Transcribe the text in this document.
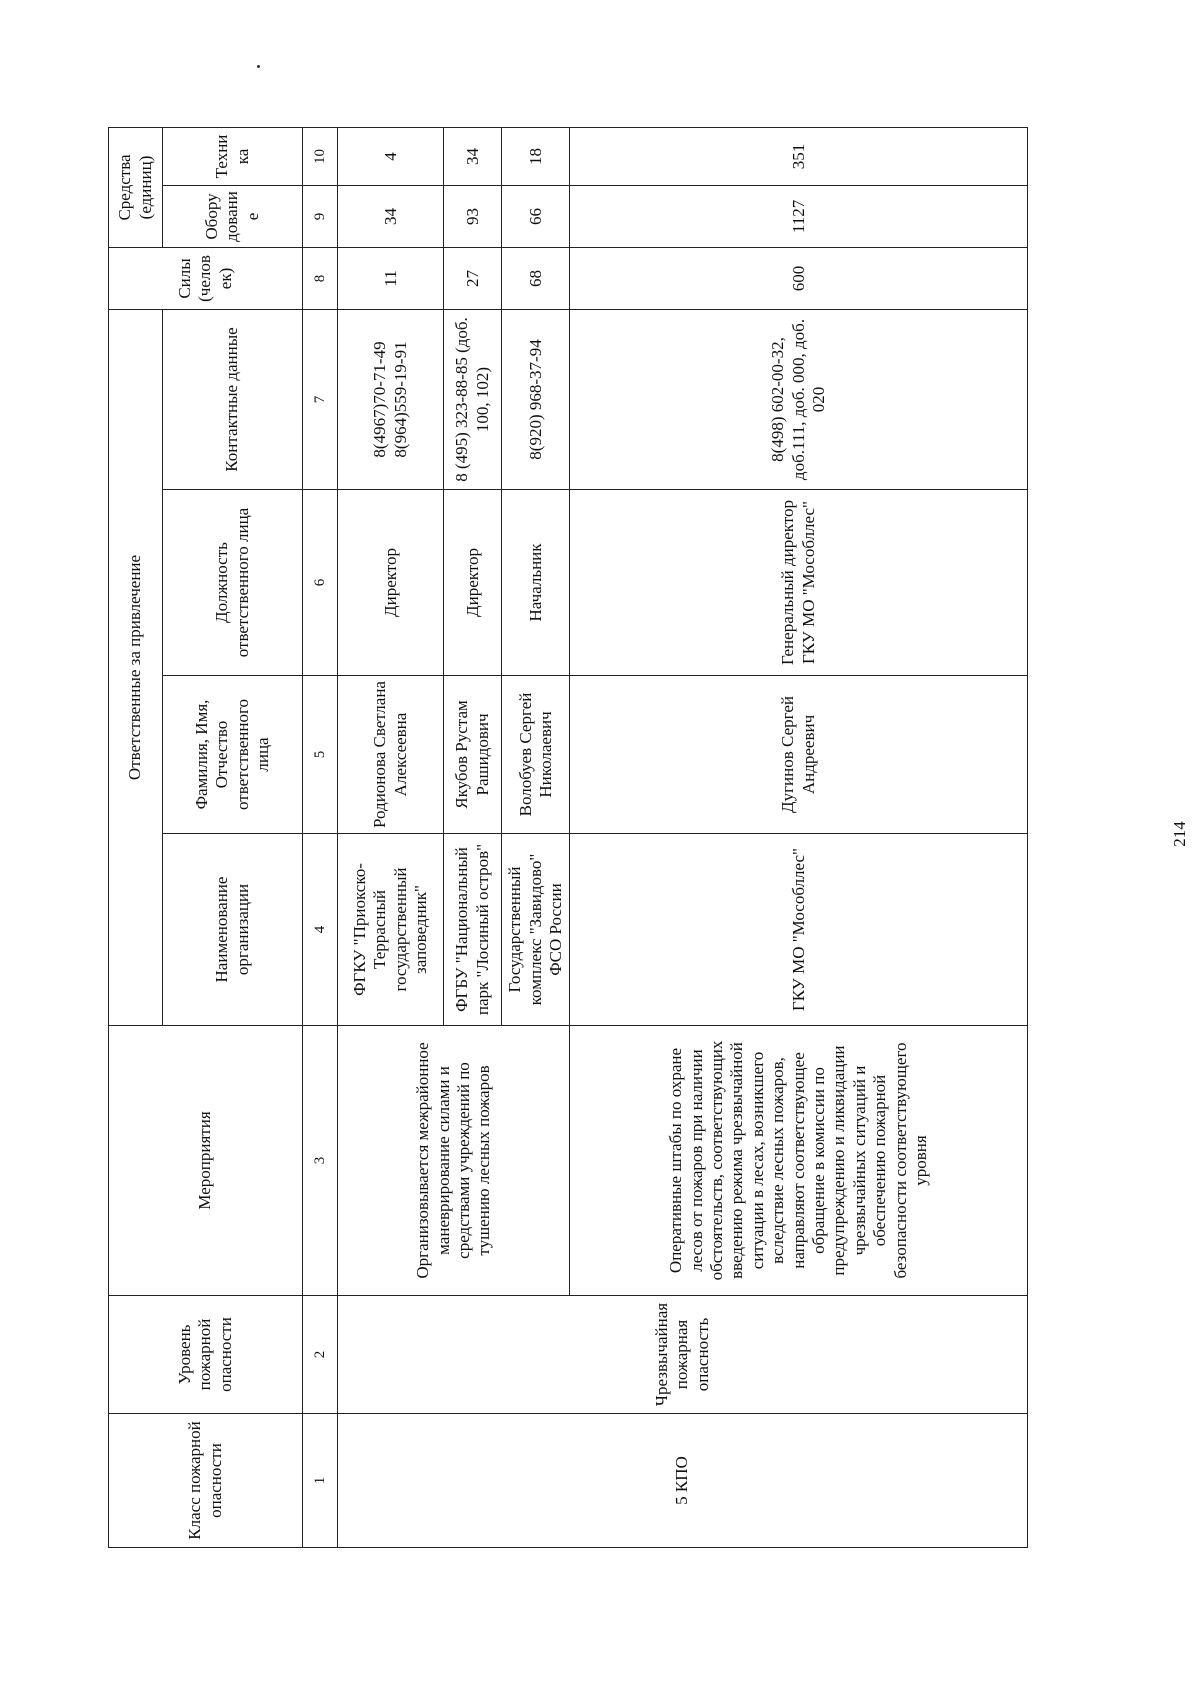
Класс пожарной опасности	Уровень пожарной опасности	Мероприятия	Ответственные за привлечение				Силы (человек)	Средства (единиц)	
			Наименование организации	Фамилия, Имя, Отчество ответственного лица	Должность ответственного лица	Контактные данные		Оборудование	Техника
1	2	3	4	5	6	7	8	9	10
5 КПО	Чрезвычайная пожарная опасность	Организовывается межрайонное маневрирование силами и средствами учреждений по тушению лесных пожаров	ФГКУ "Приокско-Террасный государственный заповедник"	Родионова Светлана Алексеевна	Директор	8(4967)70-71-49 8(964)559-19-91	11	34	4
			ФГБУ "Национальный парк "Лосиный остров"	Якубов Рустам Рашидович	Директор	8 (495) 323-88-85 (доб. 100, 102)	27	93	34
			Государственный комплекс "Завидово" ФСО России	Волобуев Сергей Николаевич	Начальник	8(920) 968-37-94	68	66	18
		Оперативные штабы по охране лесов от пожаров при наличии обстоятельств, соответствующих введению режима чрезвычайной ситуации в лесах, возникшего вследствие лесных пожаров, направляют соответствующее обращение в комиссии по предупреждению и ликвидации чрезвычайных ситуаций и обеспечению пожарной безопасности соответствующего уровня	ГКУ МО "Мособллес"	Дугинов Сергей Андреевич	Генеральный директор ГКУ МО "Мособллес"	8(498) 602-00-32, доб.111, доб. 000, доб. 020	600	1127	351
214
